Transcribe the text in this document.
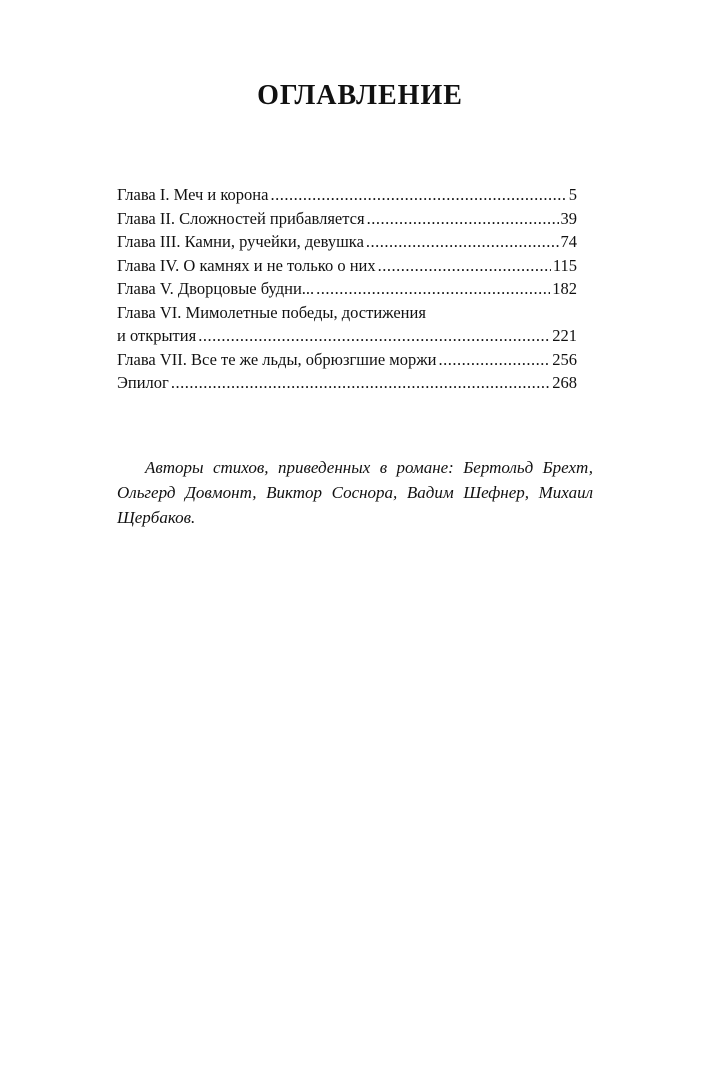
ОГЛАВЛЕНИЕ
Глава I. Меч и корона .....	5
Глава II. Сложностей прибавляется .....	39
Глава III. Камни, ручейки, девушка .....	74
Глава IV. О камнях и не только о них .....	115
Глава V. Дворцовые будни... .....	182
Глава VI. Мимолетные победы, достижения
и открытия .....	221
Глава VII. Все те же льды, обрюзгшие моржи .....	256
Эпилог .....	268

Авторы стихов, приведенных в романе: Бертольд Брехт, Ольгерд Довмонт, Виктор Соснора, Вадим Шефнер, Михаил Щербаков.
